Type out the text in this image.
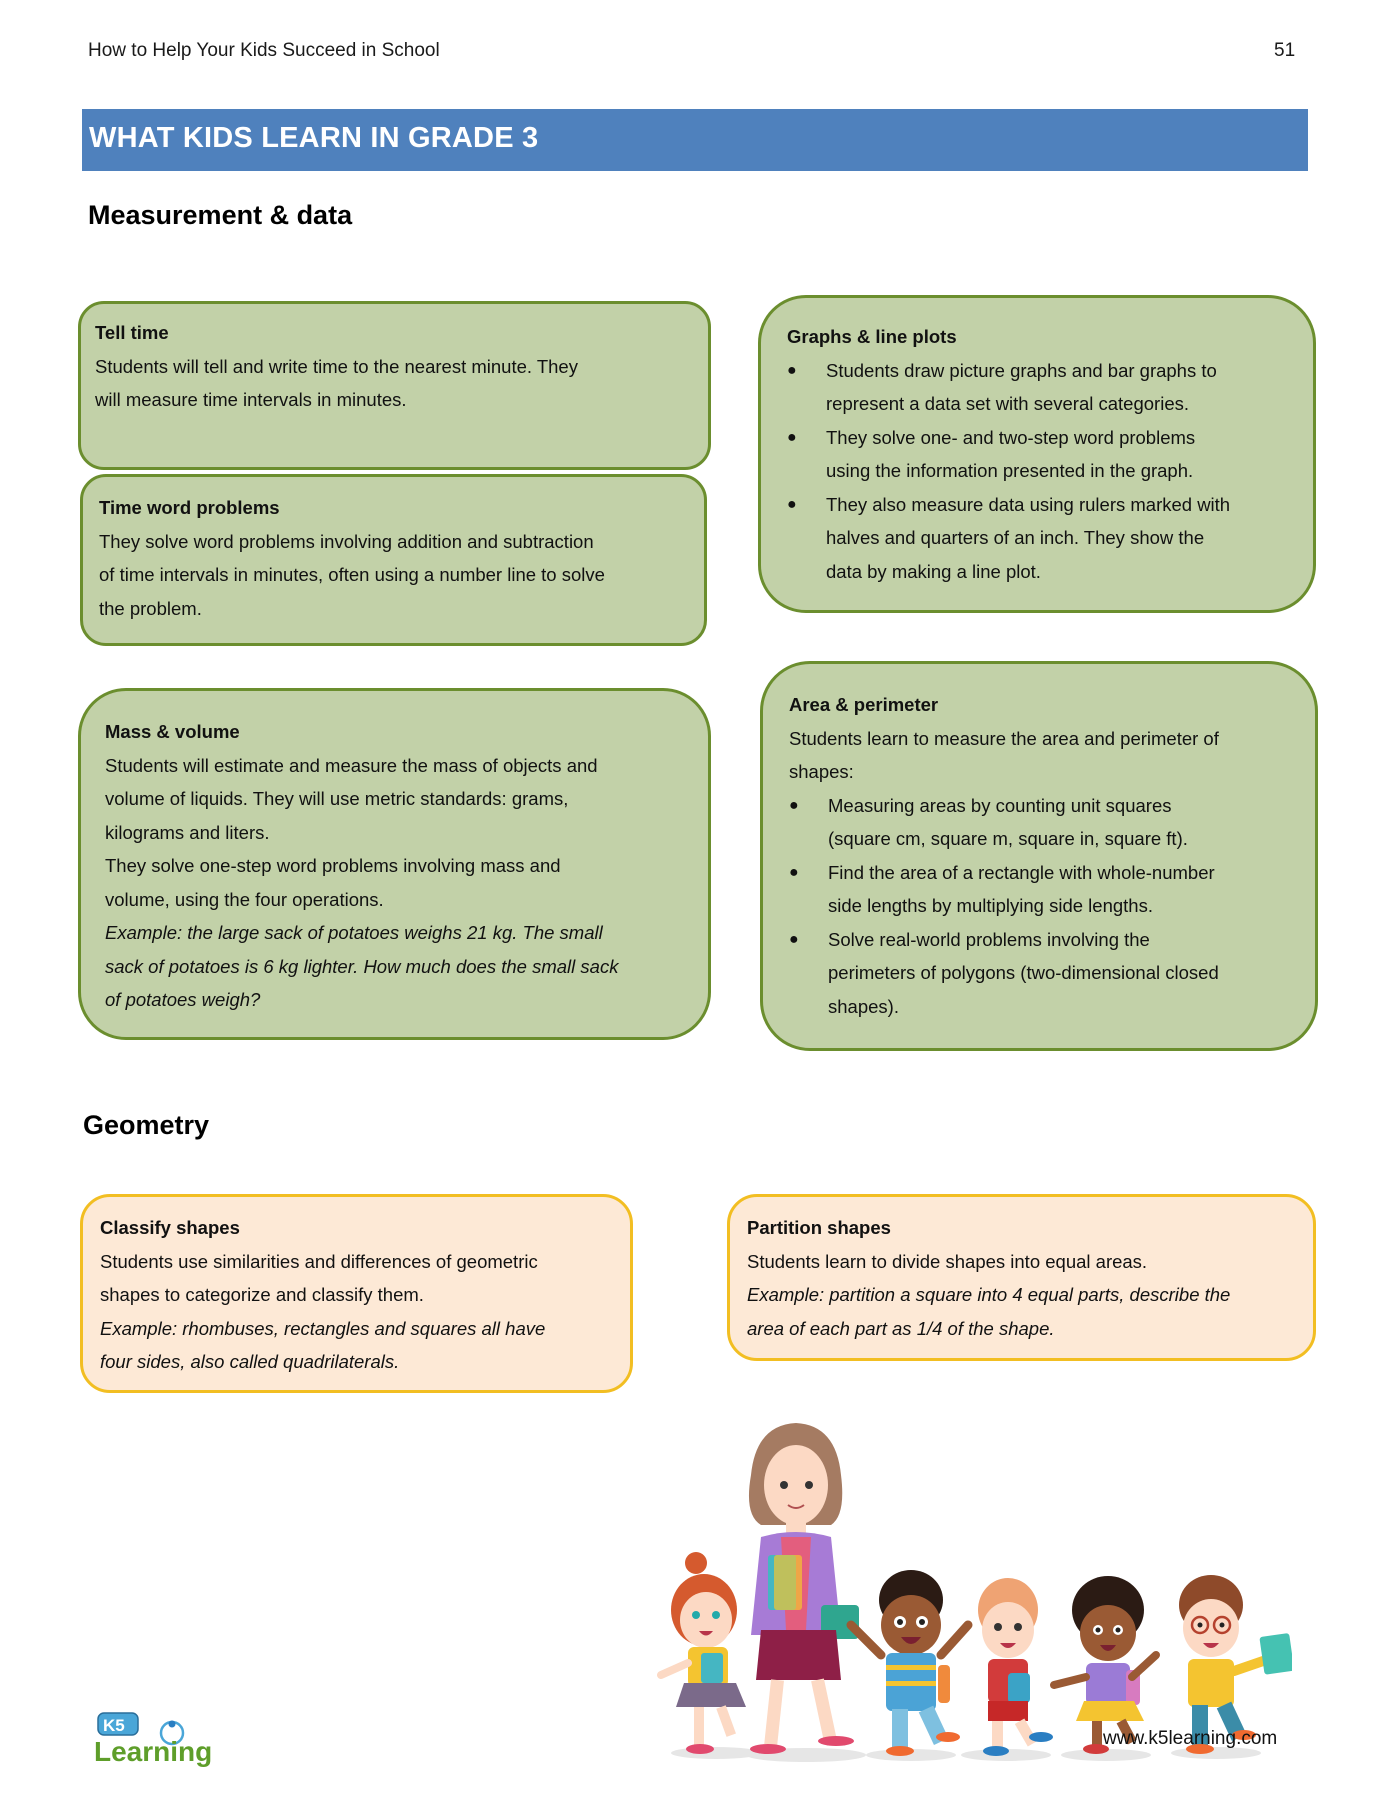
How to Help Your Kids Succeed in School	51
WHAT KIDS LEARN IN GRADE 3
Measurement & data
Tell time
Students will tell and write time to the nearest minute. They
will measure time intervals in minutes.
Time word problems
They solve word problems involving addition and subtraction
of time intervals in minutes, often using a number line to solve
the problem.
Mass & volume
Students will estimate and measure the mass of objects and
volume of liquids. They will use metric standards: grams,
kilograms and liters.
They solve one-step word problems involving mass and
volume, using the four operations.
Example: the large sack of potatoes weighs 21 kg. The small
sack of potatoes is 6 kg lighter. How much does the small sack
of potatoes weigh?
Graphs & line plots
●	Students draw picture graphs and bar graphs to
represent a data set with several categories.
●	They solve one- and two-step word problems
using the information presented in the graph.
●	They also measure data using rulers marked with
halves and quarters of an inch. They show the
data by making a line plot.
Area & perimeter
Students learn to measure the area and perimeter of
shapes:
●	Measuring areas by counting unit squares
(square cm, square m, square in, square ft).
●	Find the area of a rectangle with whole-number
side lengths by multiplying side lengths.
●	Solve real-world problems involving the
perimeters of polygons (two-dimensional closed
shapes).
Geometry
Classify shapes
Students use similarities and differences of geometric
shapes to categorize and classify them.
Example: rhombuses, rectangles and squares all have
four sides, also called quadrilaterals.
Partition shapes
Students learn to divide shapes into equal areas.
Example: partition a square into 4 equal parts, describe the
area of each part as 1/4 of the shape.
K5
Learning	www.k5learning.com
